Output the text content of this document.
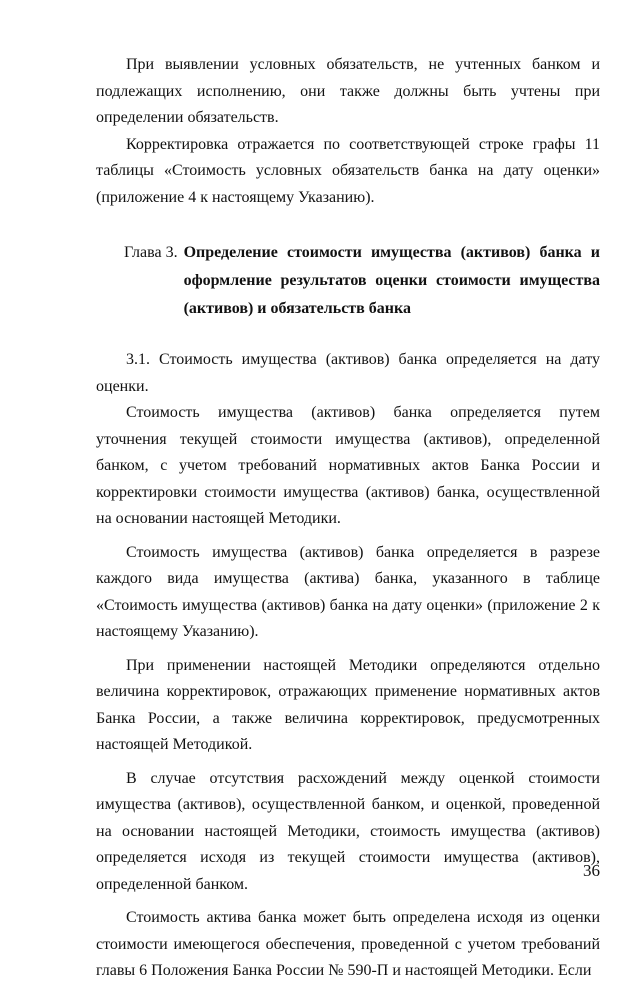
При выявлении условных обязательств, не учтенных банком и подлежащих исполнению, они также должны быть учтены при определении обязательств.

Корректировка отражается по соответствующей строке графы 11 таблицы «Стоимость условных обязательств банка на дату оценки» (приложение 4 к настоящему Указанию).

Глава 3. Определение стоимости имущества (активов) банка и оформление результатов оценки стоимости имущества (активов) и обязательств банка

3.1. Стоимость имущества (активов) банка определяется на дату оценки.

Стоимость имущества (активов) банка определяется путем уточнения текущей стоимости имущества (активов), определенной банком, с учетом требований нормативных актов Банка России и корректировки стоимости имущества (активов) банка, осуществленной на основании настоящей Методики.

Стоимость имущества (активов) банка определяется в разрезе каждого вида имущества (актива) банка, указанного в таблице «Стоимость имущества (активов) банка на дату оценки» (приложение 2 к настоящему Указанию).

При применении настоящей Методики определяются отдельно величина корректировок, отражающих применение нормативных актов Банка России, а также величина корректировок, предусмотренных настоящей Методикой.

В случае отсутствия расхождений между оценкой стоимости имущества (активов), осуществленной банком, и оценкой, проведенной на основании настоящей Методики, стоимость имущества (активов) определяется исходя из текущей стоимости имущества (активов), определенной банком.

Стоимость актива банка может быть определена исходя из оценки стоимости имеющегося обеспечения, проведенной с учетом требований главы 6 Положения Банка России № 590-П и настоящей Методики. Если

36
